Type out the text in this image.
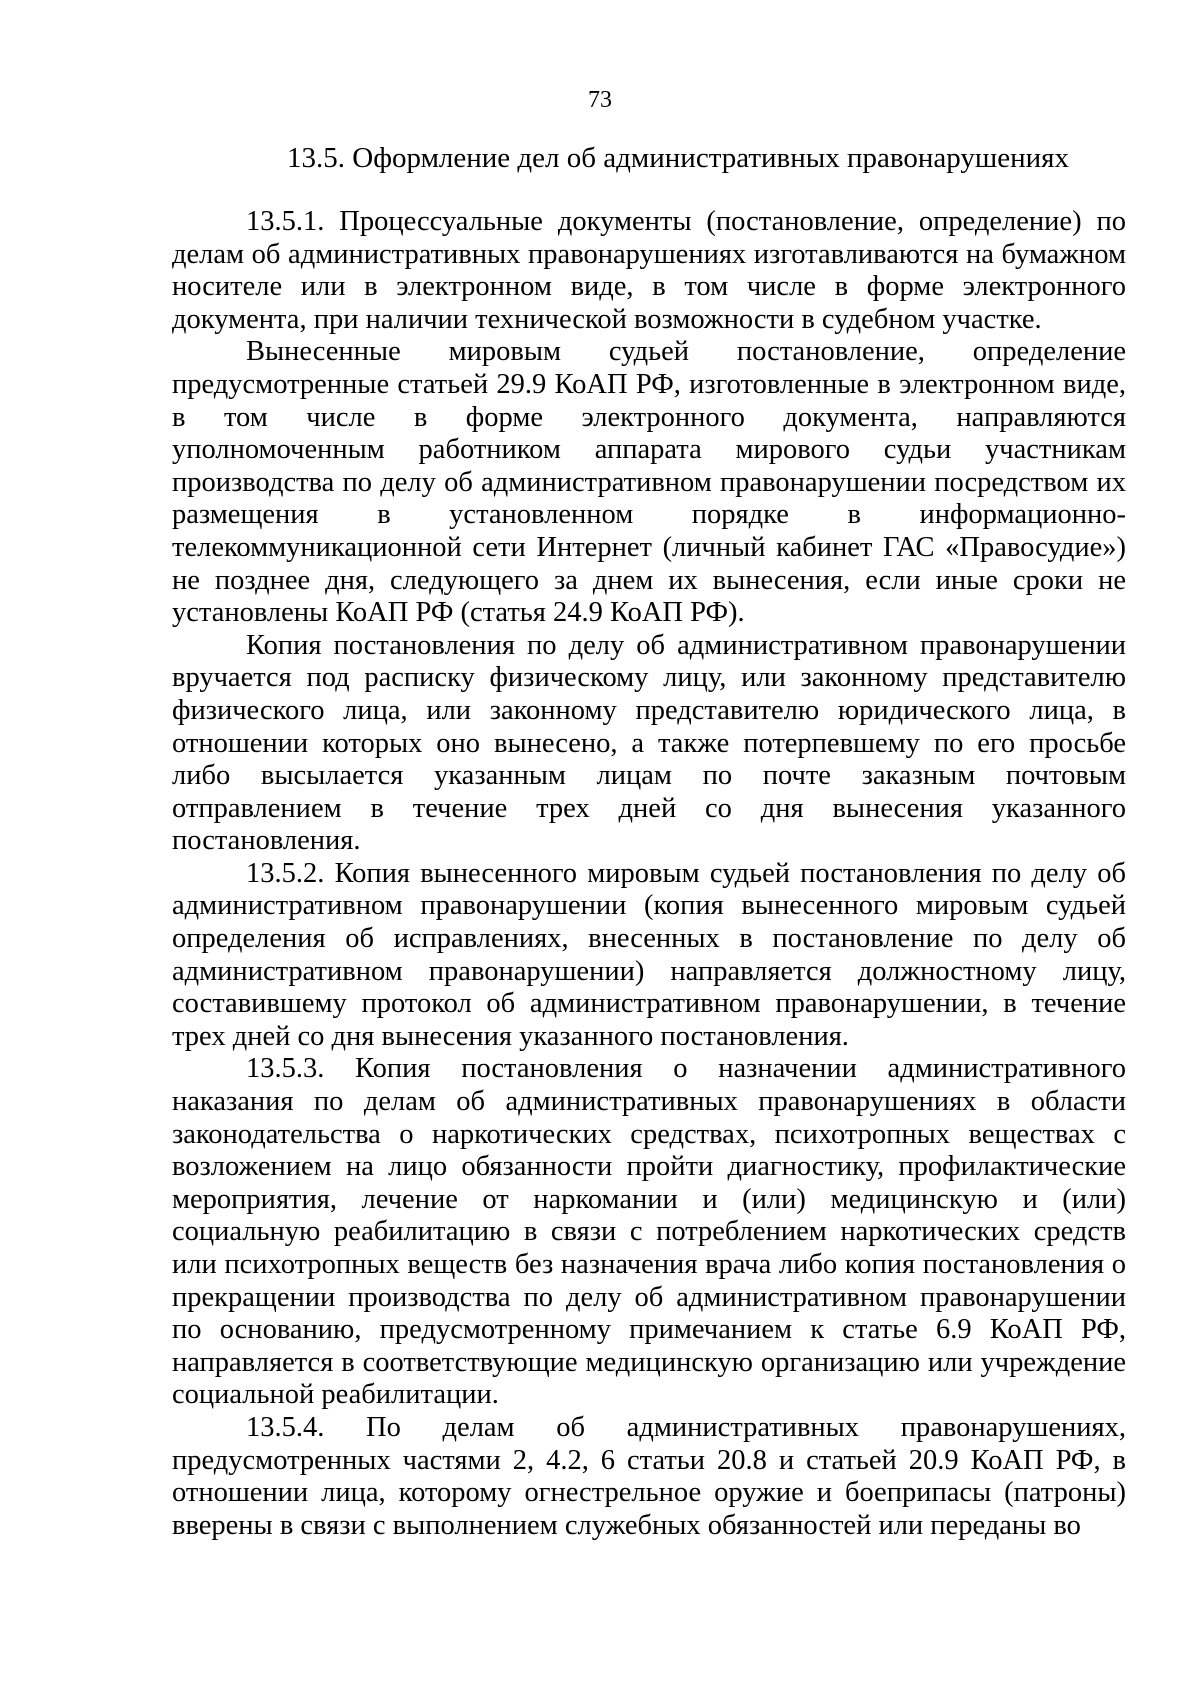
73
13.5. Оформление дел об административных правонарушениях

13.5.1. Процессуальные документы (постановление, определение) по делам об административных правонарушениях изготавливаются на бумажном носителе или в электронном виде, в том числе в форме электронного документа, при наличии технической возможности в судебном участке.

Вынесенные мировым судьей постановление, определение предусмотренные статьей 29.9 КоАП РФ, изготовленные в электронном виде, в том числе в форме электронного документа, направляются уполномоченным работником аппарата мирового судьи участникам производства по делу об административном правонарушении посредством их размещения в установленном порядке в информационно-телекоммуникационной сети Интернет (личный кабинет ГАС «Правосудие») не позднее дня, следующего за днем их вынесения, если иные сроки не установлены КоАП РФ (статья 24.9 КоАП РФ).

Копия постановления по делу об административном правонарушении вручается под расписку физическому лицу, или законному представителю физического лица, или законному представителю юридического лица, в отношении которых оно вынесено, а также потерпевшему по его просьбе либо высылается указанным лицам по почте заказным почтовым отправлением в течение трех дней со дня вынесения указанного постановления.

13.5.2. Копия вынесенного мировым судьей постановления по делу об административном правонарушении (копия вынесенного мировым судьей определения об исправлениях, внесенных в постановление по делу об административном правонарушении) направляется должностному лицу, составившему протокол об административном правонарушении, в течение трех дней со дня вынесения указанного постановления.

13.5.3. Копия постановления о назначении административного наказания по делам об административных правонарушениях в области законодательства о наркотических средствах, психотропных веществах с возложением на лицо обязанности пройти диагностику, профилактические мероприятия, лечение от наркомании и (или) медицинскую и (или) социальную реабилитацию в связи с потреблением наркотических средств или психотропных веществ без назначения врача либо копия постановления о прекращении производства по делу об административном правонарушении по основанию, предусмотренному примечанием к статье 6.9 КоАП РФ, направляется в соответствующие медицинскую организацию или учреждение социальной реабилитации.

13.5.4. По делам об административных правонарушениях, предусмотренных частями 2, 4.2, 6 статьи 20.8 и статьей 20.9 КоАП РФ, в отношении лица, которому огнестрельное оружие и боеприпасы (патроны) вверены в связи с выполнением служебных обязанностей или переданы во
